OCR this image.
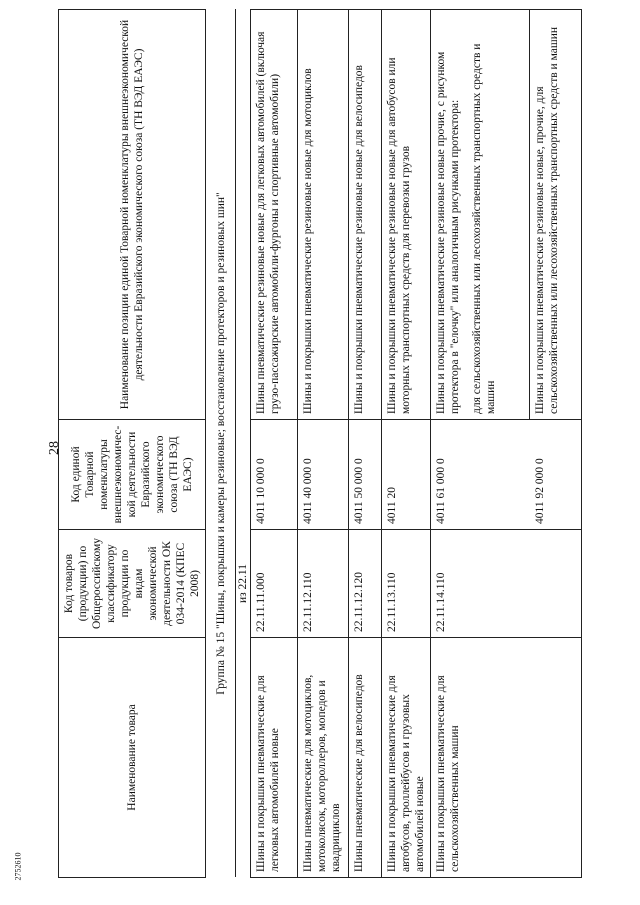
28
2752610
Наименование товара	Код товаров (продукции) по Общероссийскому классификатору продукции по видам экономической деятельности ОК 034-2014 (КПЕС 2008)	Код единой Товарной номенклатуры внешнеэкономичес-кой деятельности Евразийского экономического союза (ТН ВЭД ЕАЭС)	Наименование позиции единой Товарной номенклатуры внешнеэкономической деятельности Евразийского экономического союза (ТН ВЭД ЕАЭС)
Группа № 15 "Шины, покрышки и камеры резиновые; восстановление протекторов и резиновых шин"			
	из 22.11		
Шины и покрышки пневматические для легковых автомобилей новые	22.11.11.000	4011 10 000 0	Шины пневматические резиновые новые для легковых автомобилей (включая грузо-пассажирские автомобили-фургоны и спортивные автомобили)
Шины пневматические для мотоциклов, мотоколясок, мотороллеров, мопедов и квадрициклов	22.11.12.110	4011 40 000 0	Шины и покрышки пневматические резиновые новые для мотоциклов
Шины пневматические для велосипедов	22.11.12.120	4011 50 000 0	Шины и покрышки пневматические резиновые новые для велосипедов
Шины и покрышки пневматические для автобусов, троллейбусов и грузовых автомобилей новые	22.11.13.110	4011 20	Шины и покрышки пневматические резиновые новые для автобусов или моторных транспортных средств для перевозки грузов
Шины и покрышки пневматические для сельскохозяйственных машин	22.11.14.110	4011 61 000 0	Шины и покрышки пневматические резиновые новые прочие, с рисунком протектора в "елочку" или аналогичным рисунками протектора: для сельскохозяйственных или лесохозяйственных транспортных средств и машин

		4011 92 000 0	Шины и покрышки пневматические резиновые новые, прочие, для сельскохозяйственных или лесохозяйственных транспортных средств и машин
